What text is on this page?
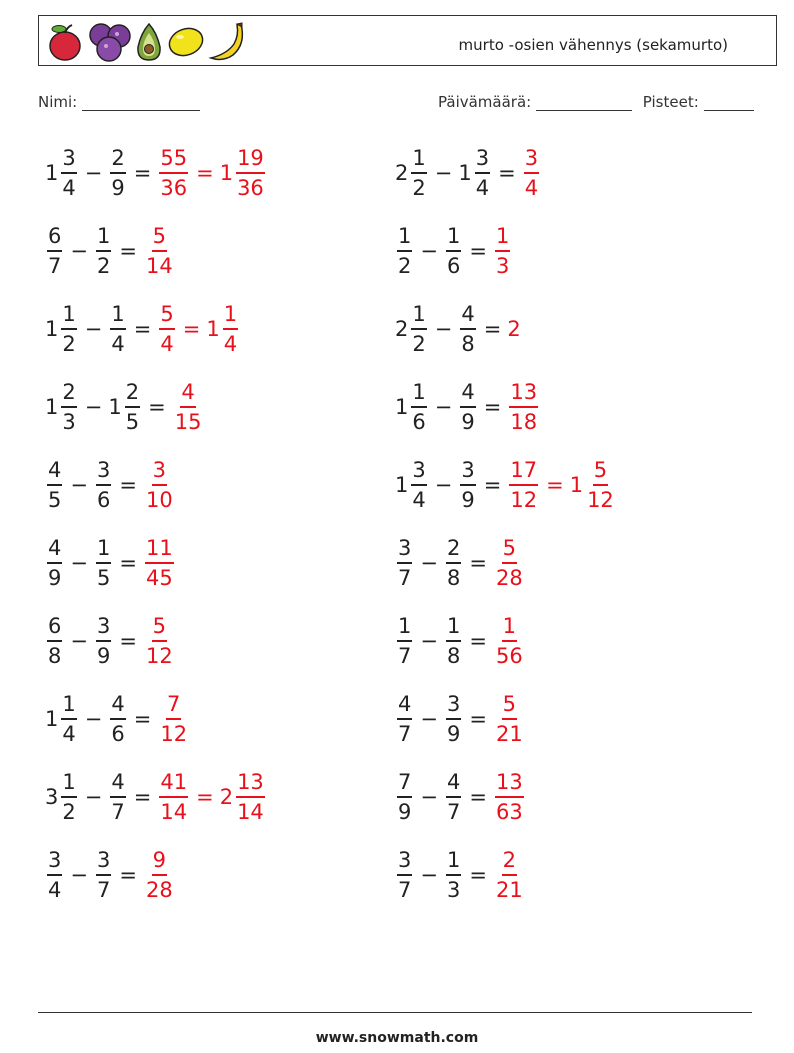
murto -osien vähennys (sekamurto)
Nimi:	Päivämäärä:	Pisteet:
$1 \frac{3}{4} - \frac{2}{9} = \frac{55}{36} = 1 \frac{19}{36}$	$2 \frac{1}{2} - 1 \frac{3}{4} = \frac{3}{4}$
$\frac{6}{7} - \frac{1}{2} = \frac{5}{14}$	$\frac{1}{2} - \frac{1}{6} = \frac{1}{3}$
$1 \frac{1}{2} - \frac{1}{4} = \frac{5}{4} = 1 \frac{1}{4}$	$2 \frac{1}{2} - \frac{4}{8} = 2$
$1 \frac{2}{3} - 1 \frac{2}{5} = \frac{4}{15}$	$1 \frac{1}{6} - \frac{4}{9} = \frac{13}{18}$
$\frac{4}{5} - \frac{3}{6} = \frac{3}{10}$	$1 \frac{3}{4} - \frac{3}{9} = \frac{17}{12} = 1 \frac{5}{12}$
$\frac{4}{9} - \frac{1}{5} = \frac{11}{45}$	$\frac{3}{7} - \frac{2}{8} = \frac{5}{28}$
$\frac{6}{8} - \frac{3}{9} = \frac{5}{12}$	$\frac{1}{7} - \frac{1}{8} = \frac{1}{56}$
$1 \frac{1}{4} - \frac{4}{6} = \frac{7}{12}$	$\frac{4}{7} - \frac{3}{9} = \frac{5}{21}$
$3 \frac{1}{2} - \frac{4}{7} = \frac{41}{14} = 2 \frac{13}{14}$	$\frac{7}{9} - \frac{4}{7} = \frac{13}{63}$
$\frac{3}{4} - \frac{3}{7} = \frac{9}{28}$	$\frac{3}{7} - \frac{1}{3} = \frac{2}{21}$
www.snowmath.com
